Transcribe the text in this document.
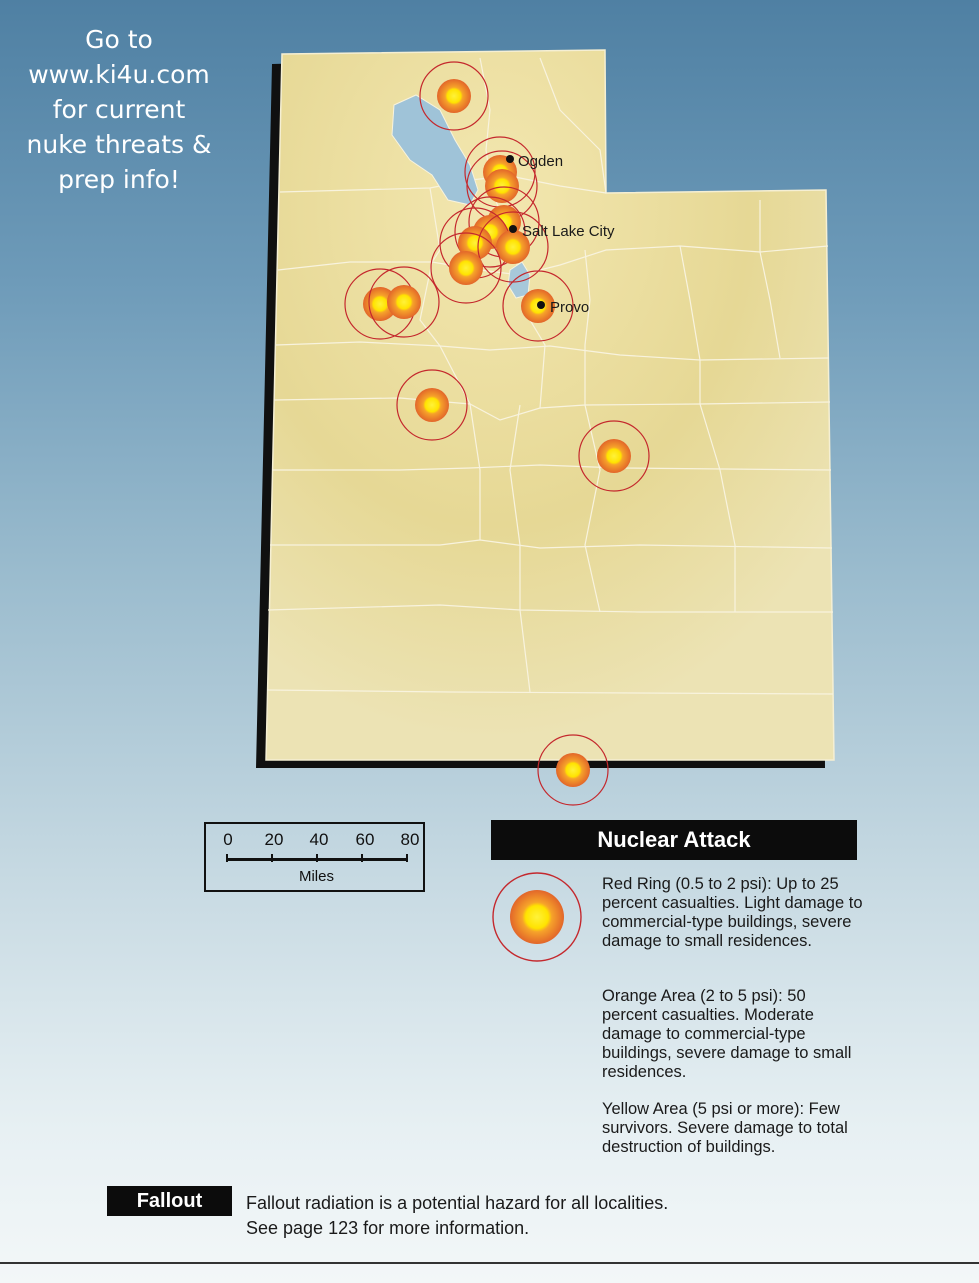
Go to
www.ki4u.com
for current
nuke threats &
prep info!
Ogden
Salt Lake City
Provo
0 20 40 60 80
Miles
Nuclear Attack

Red Ring (0.5 to 2 psi): Up to 25 percent casualties. Light damage to commercial-type buildings, severe damage to small residences.

Orange Area (2 to 5 psi): 50 percent casualties. Moderate damage to commercial-type buildings, severe damage to small residences.

Yellow Area (5 psi or more): Few survivors. Severe damage to total destruction of buildings.

Fallout	Fallout radiation is a potential hazard for all localities.
See page 123 for more information.
